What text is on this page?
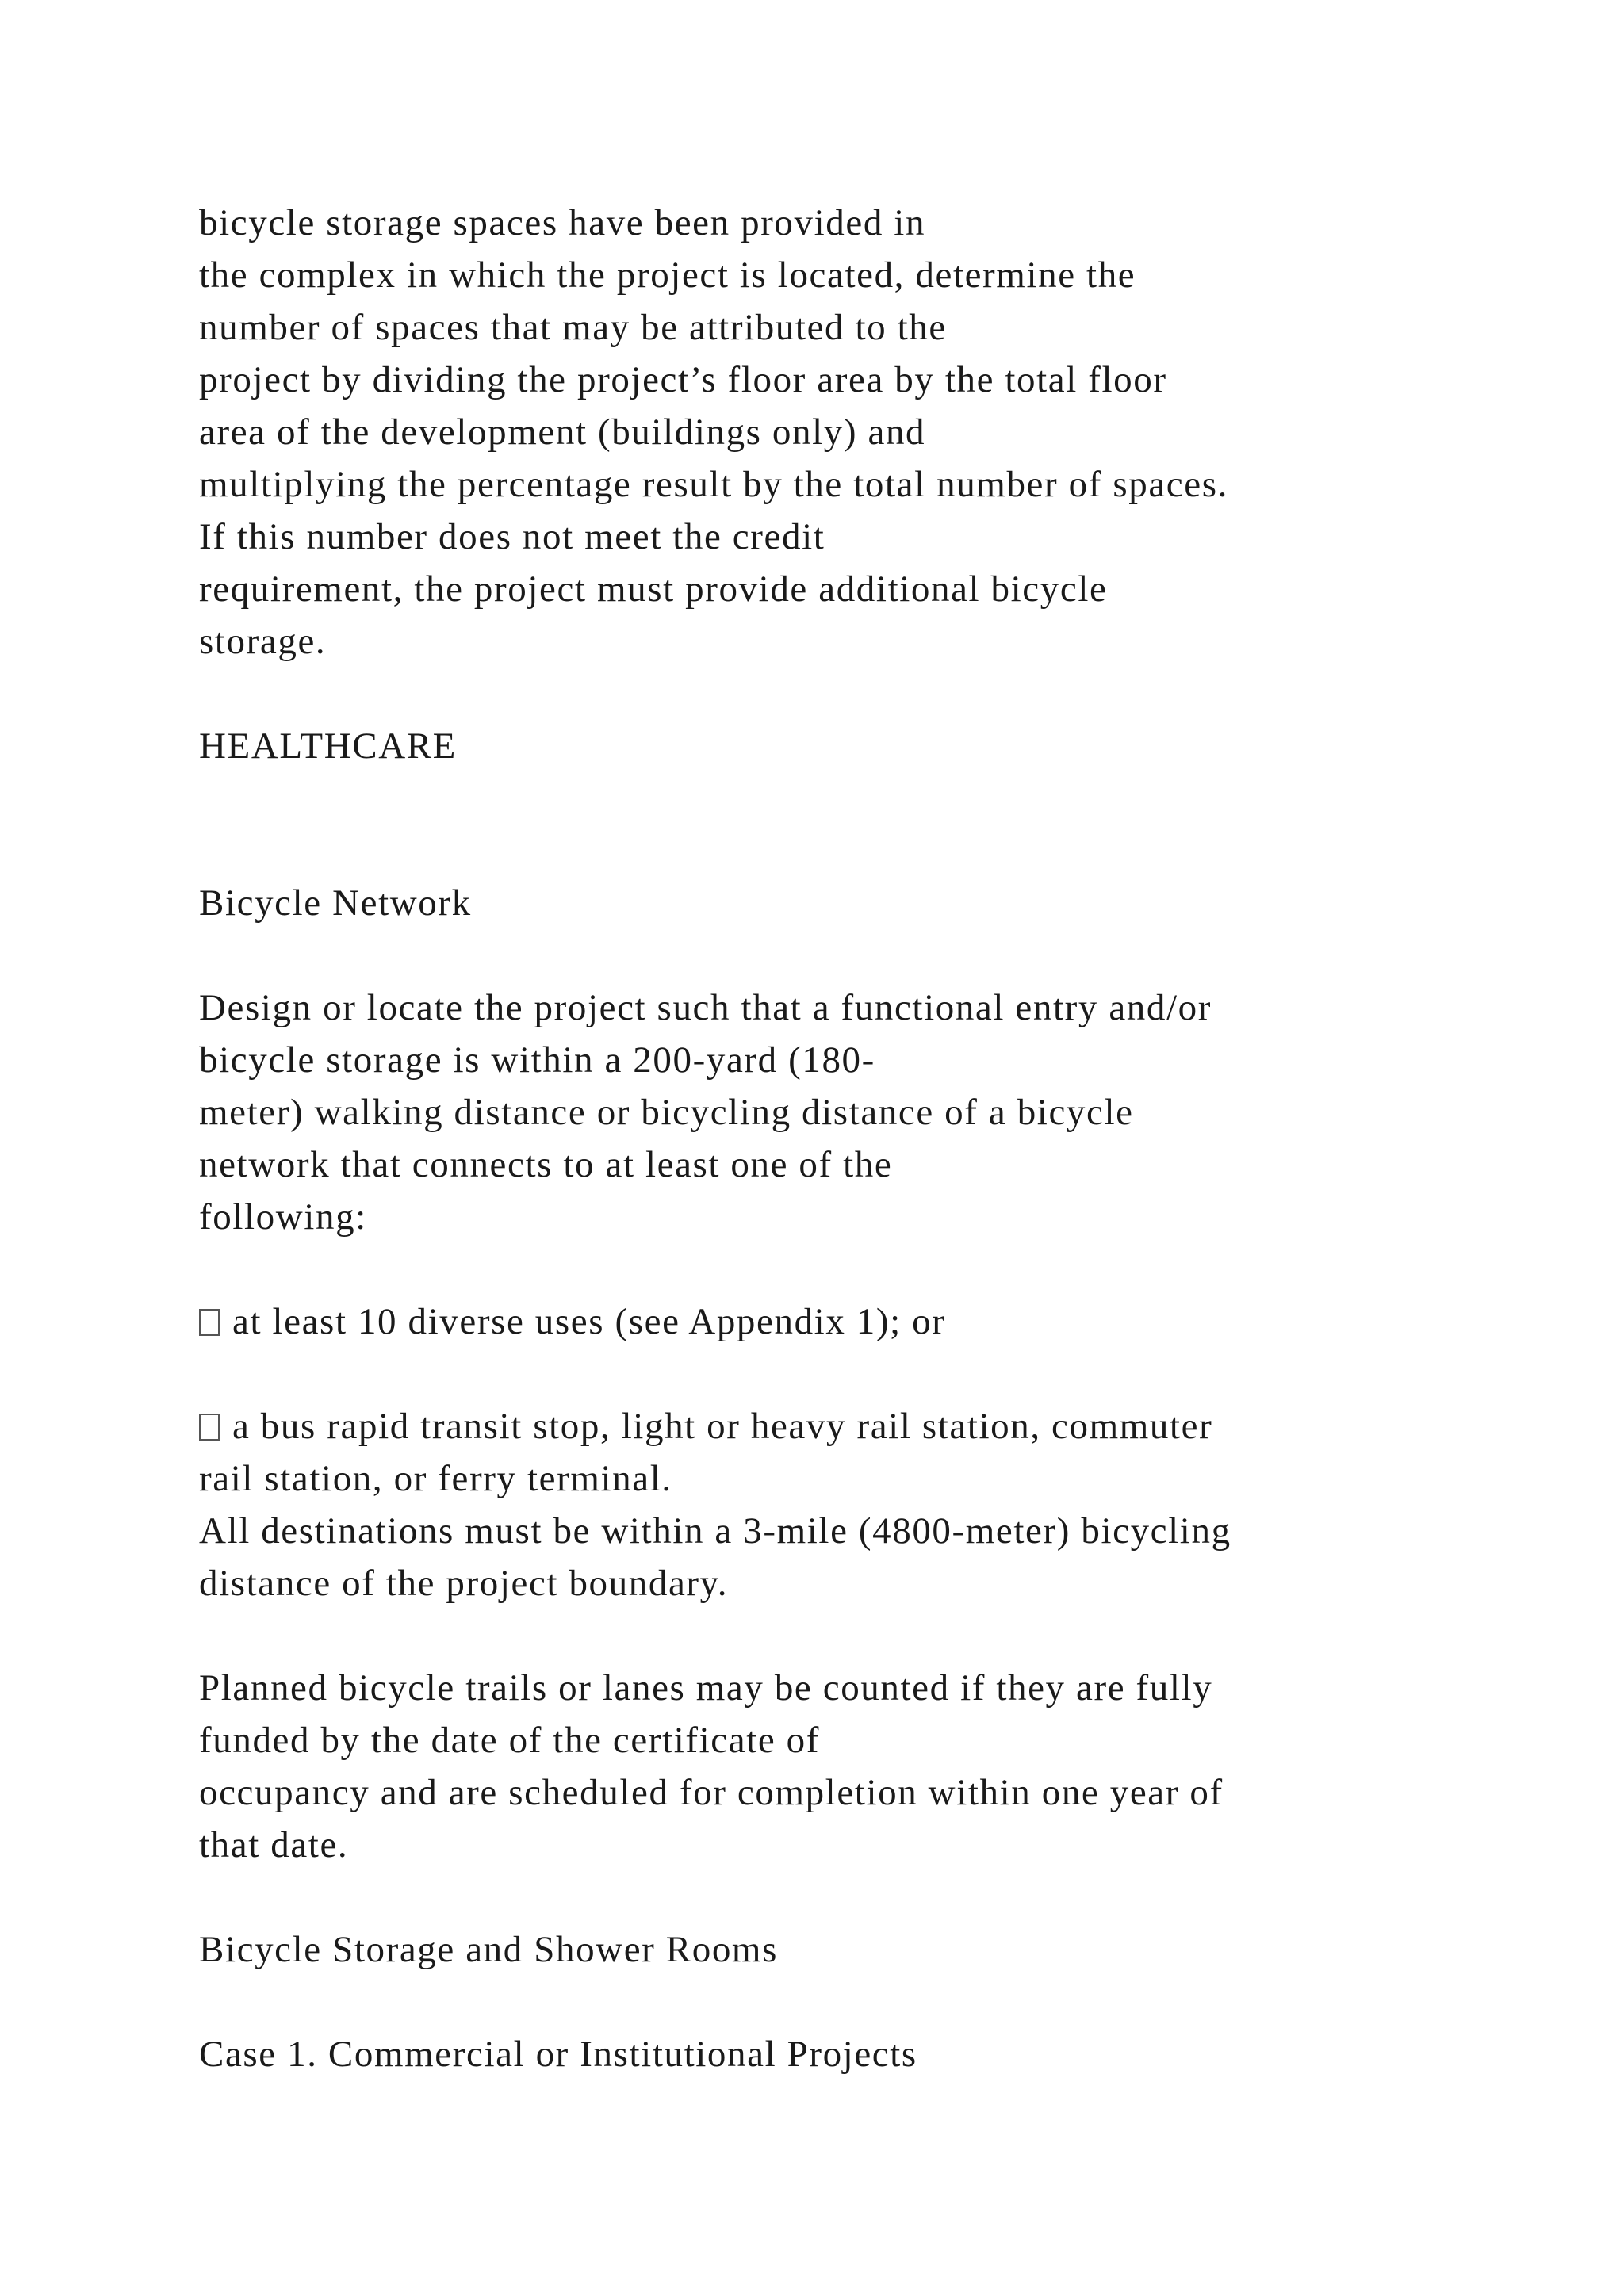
bicycle storage spaces have been provided in
the complex in which the project is located, determine the
number of spaces that may be attributed to the
project by dividing the project’s floor area by the total floor
area of the development (buildings only) and
multiplying the percentage result by the total number of spaces.
If this number does not meet the credit
requirement, the project must provide additional bicycle
storage.
HEALTHCARE
Bicycle Network
Design or locate the project such that a functional entry and/or
bicycle storage is within a 200-yard (180-
meter) walking distance or bicycling distance of a bicycle
network that connects to at least one of the
following:
at least 10 diverse uses (see Appendix 1); or
a bus rapid transit stop, light or heavy rail station, commuter
rail station, or ferry terminal.
All destinations must be within a 3-mile (4800-meter) bicycling
distance of the project boundary.
Planned bicycle trails or lanes may be counted if they are fully
funded by the date of the certificate of
occupancy and are scheduled for completion within one year of
that date.
Bicycle Storage and Shower Rooms
Case 1. Commercial or Institutional Projects
